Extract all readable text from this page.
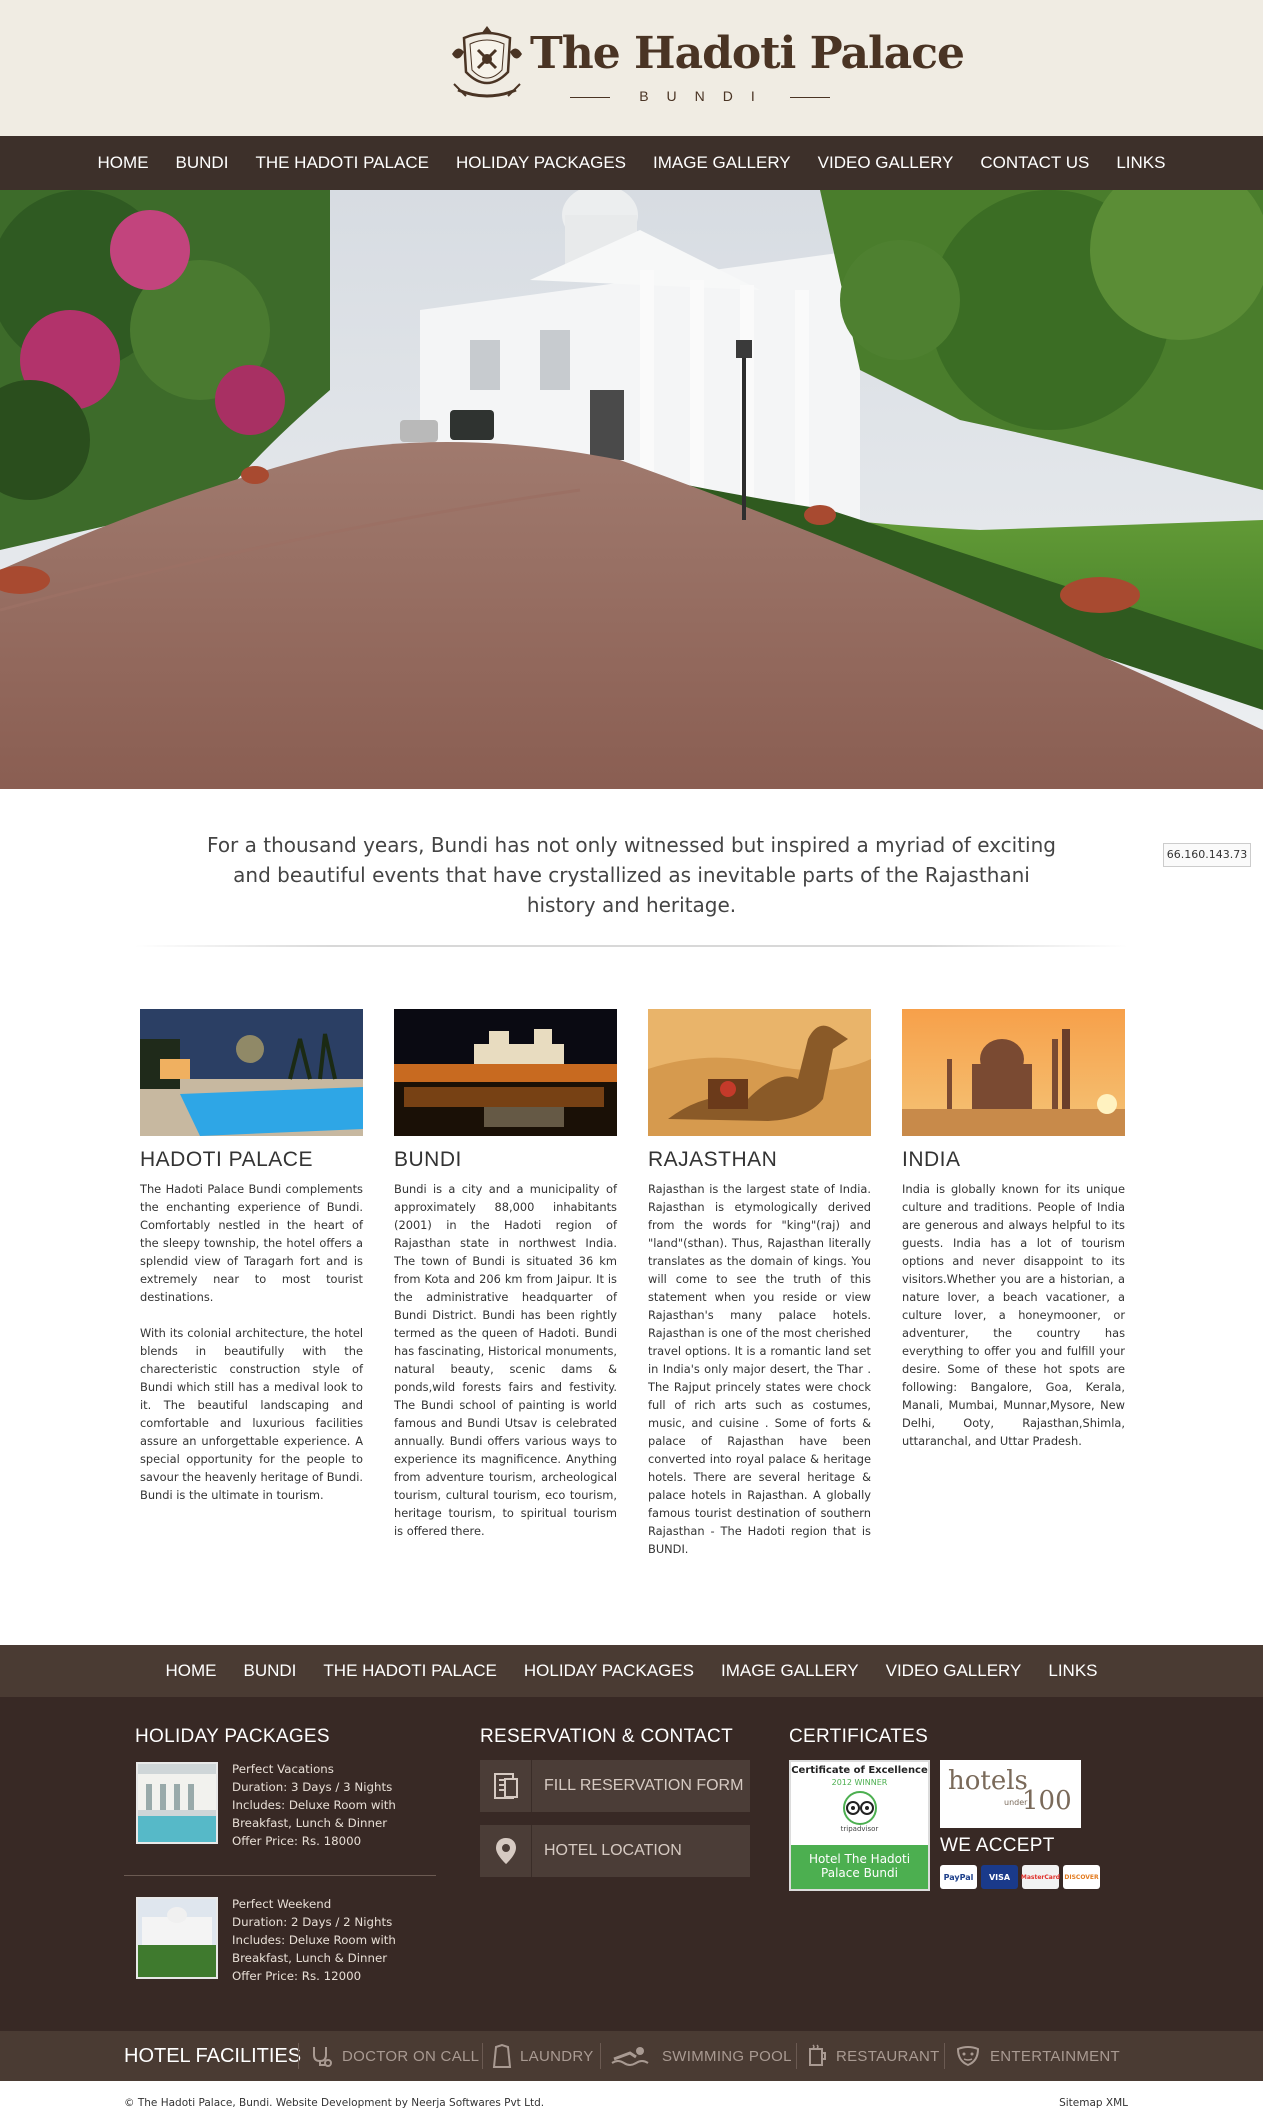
The Hadoti Palace
BUNDI
HOME	BUNDI	THE HADOTI PALACE	HOLIDAY PACKAGES	IMAGE GALLERY	VIDEO GALLERY	CONTACT US	LINKS

For a thousand years, Bundi has not only witnessed but inspired a myriad of exciting and beautiful events that have crystallized as inevitable parts of the Rajasthani history and heritage.

66.160.143.73
HADOTI PALACE

The Hadoti Palace Bundi complements the enchanting experience of Bundi. Comfortably nestled in the heart of the sleepy township, the hotel offers a splendid view of Taragarh fort and is extremely near to most tourist destinations.

With its colonial architecture, the hotel blends in beautifully with the charecteristic construction style of Bundi which still has a medival look to it. The beautiful landscaping and comfortable and luxurious facilities assure an unforgettable experience. A special opportunity for the people to savour the heavenly heritage of Bundi. Bundi is the ultimate in tourism.

BUNDI

Bundi is a city and a municipality of approximately 88,000 inhabitants (2001) in the Hadoti region of Rajasthan state in northwest India. The town of Bundi is situated 36 km from Kota and 206 km from Jaipur. It is the administrative headquarter of Bundi District. Bundi has been rightly termed as the queen of Hadoti. Bundi has fascinating, Historical monuments, natural beauty, scenic dams & ponds,wild forests fairs and festivity. The Bundi school of painting is world famous and Bundi Utsav is celebrated annually. Bundi offers various ways to experience its magnificence. Anything from adventure tourism, archeological tourism, cultural tourism, eco tourism, heritage tourism, to spiritual tourism is offered there.

RAJASTHAN

Rajasthan is the largest state of India. Rajasthan is etymologically derived from the words for "king"(raj) and "land"(sthan). Thus, Rajasthan literally translates as the domain of kings. You will come to see the truth of this statement when you reside or view Rajasthan's many palace hotels. Rajasthan is one of the most cherished travel options. It is a romantic land set in India's only major desert, the Thar . The Rajput princely states were chock full of rich arts such as costumes, music, and cuisine . Some of forts & palace of Rajasthan have been converted into royal palace & heritage hotels. There are several heritage & palace hotels in Rajasthan. A globally famous tourist destination of southern Rajasthan - The Hadoti region that is BUNDI.

INDIA

India is globally known for its unique culture and traditions. People of India are generous and always helpful to its guests. India has a lot of tourism options and never disappoint to its visitors.Whether you are a historian, a nature lover, a beach vacationer, a culture lover, a honeymooner, or adventurer, the country has everything to offer you and fulfill your desire. Some of these hot spots are following: Bangalore, Goa, Kerala, Manali, Mumbai, Munnar,Mysore, New Delhi, Ooty, Rajasthan,Shimla, uttaranchal, and Uttar Pradesh.

HOME	BUNDI	THE HADOTI PALACE	HOLIDAY PACKAGES	IMAGE GALLERY	VIDEO GALLERY	LINKS
HOLIDAY PACKAGES
Perfect Vacations
Duration: 3 Days / 3 Nights
Includes: Deluxe Room with Breakfast, Lunch & Dinner
Offer Price: Rs. 18000
Perfect Weekend
Duration: 2 Days / 2 Nights
Includes: Deluxe Room with Breakfast, Lunch & Dinner
Offer Price: Rs. 12000
RESERVATION & CONTACT
FILL RESERVATION FORM
HOTEL LOCATION
CERTIFICATES
Certificate of Excellence
2012 WINNER
tripadvisor
Hotel The Hadoti Palace Bundi
hotels
under
100
WE ACCEPT
PayPal	VISA	MasterCard DISCOVER
HOTEL FACILITIES	DOCTOR ON CALL	LAUNDRY	SWIMMING POOL	RESTAURANT	ENTERTAINMENT
© The Hadoti Palace, Bundi. Website Development by Neerja Softwares Pvt Ltd.	Sitemap XML
